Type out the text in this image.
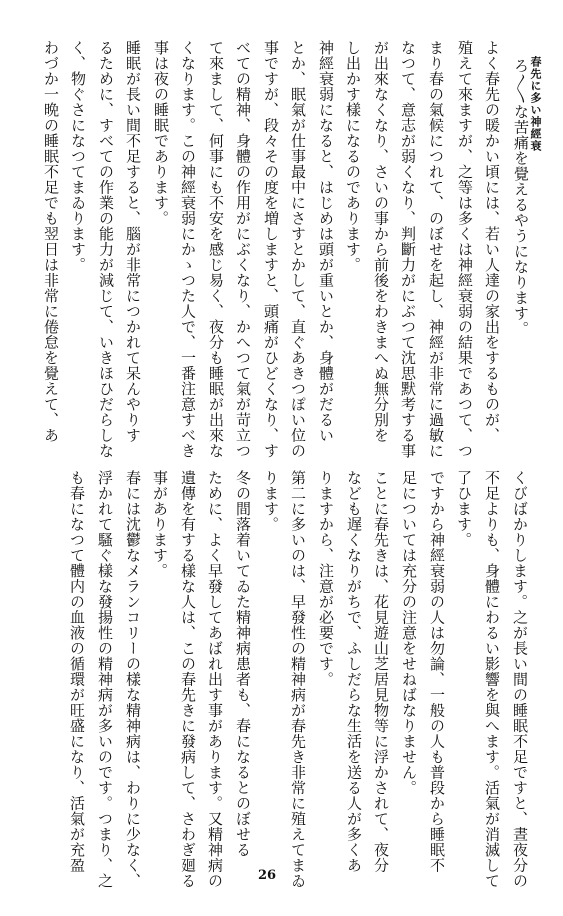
春先に多い神經衰
ろ〳〵な苦痛を覺えるやうになります。
よく春先の暖かい頃には、若い人達の家出をするものが、
殖えて來ますが、之等は多くは神經衰弱の結果であつて、つ
まり春の氣候につれて、のぼせを起し、神經が非常に過敏に
なつて、意志が弱くなり、判斷力がにぶつて沈思默考する事
が出來なくなり、さいの事から前後をわきまへぬ無分別を
し出かす樣になるのであります。
神經衰弱になると、はじめは頭が重いとか、身體がだるい
とか、眠氣が仕事最中にさすとかして、直ぐあきつぽい位の
事ですが、段々その度を増しますと、頭痛がひどくなり、す
べての精神、身體の作用がにぶくなり、かへつて氣が苛立つ
て來まして、何事にも不安を感じ易く、夜分も睡眠が出來な
くなります。この神經衰弱にかゝつた人で、一番注意すべき
事は夜の睡眠であります。
睡眠が長い間不足すると、腦が非常につかれて呆んやりす
るために、すべての作業の能力が減じて、いきほひだらしな
く、物ぐさになつてまゐります。
わづか一晩の睡眠不足でも翌日は非常に倦怠を覺えて、あ
くびばかりします。之が長い間の睡眠不足ですと、晝夜分の
不足よりも、身體にわるい影響を與へます。活氣が消滅して
了ひます。
ですから神經衰弱の人は勿論、一般の人も普段から睡眠不
足については充分の注意をせねばなりません。
ことに春先きは、花見遊山芝居見物等に浮かされて、夜分
なども遅くなりがちで、ふしだらな生活を送る人が多くあ
りますから、注意が必要です。
第二に多いのは、早發性の精神病が春先き非常に殖えてまゐ
ります。
冬の間落着いてゐた精神病患者も、春になるとのぼせる
ために、よく早發してあばれ出す事があります。又精神病の
遺傳を有する樣な人は、この春先きに發病して、さわぎ廻る
事があります。
春には沈鬱なメランコリーの樣な精神病は、わりに少なく、
浮かれて騷ぐ樣な發揚性の精神病が多いのです。つまり、之
も春になつて體内の血液の循環が旺盛になり、活氣が充盈
26
